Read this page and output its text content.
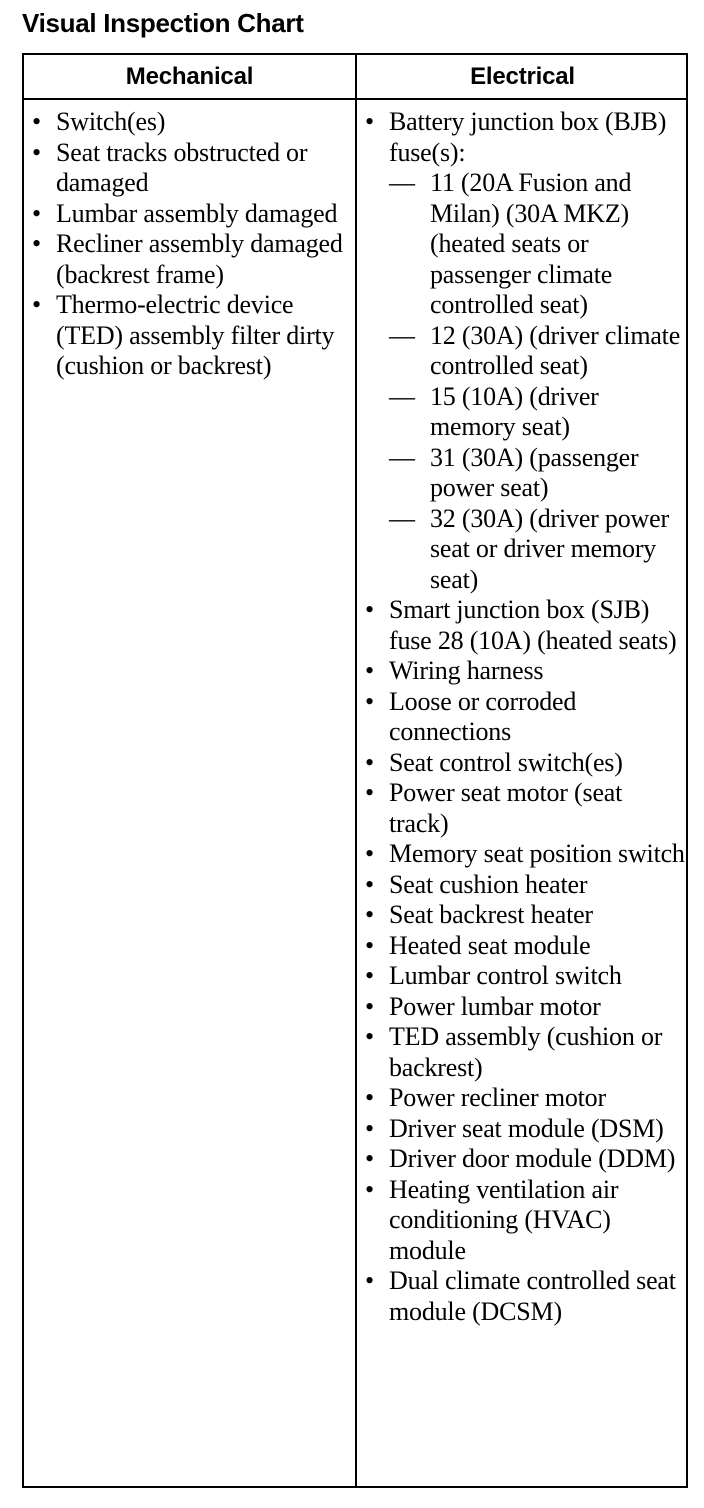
Visual Inspection Chart
Mechanical	Electrical
• Switch(es)
• Seat tracks obstructed or damaged
• Lumbar assembly damaged
• Recliner assembly damaged (backrest frame)
• Thermo-electric device (TED) assembly filter dirty (cushion or backrest)
• Battery junction box (BJB) fuse(s):
— 11 (20A Fusion and Milan) (30A MKZ) (heated seats or passenger climate controlled seat)
— 12 (30A) (driver climate controlled seat)
— 15 (10A) (driver memory seat)
— 31 (30A) (passenger power seat)
— 32 (30A) (driver power seat or driver memory seat)
• Smart junction box (SJB) fuse 28 (10A) (heated seats)
• Wiring harness
• Loose or corroded connections
• Seat control switch(es)
• Power seat motor (seat track)
• Memory seat position switch
• Seat cushion heater
• Seat backrest heater
• Heated seat module
• Lumbar control switch
• Power lumbar motor
• TED assembly (cushion or backrest)
• Power recliner motor
• Driver seat module (DSM)
• Driver door module (DDM)
• Heating ventilation air conditioning (HVAC) module
• Dual climate controlled seat module (DCSM)
